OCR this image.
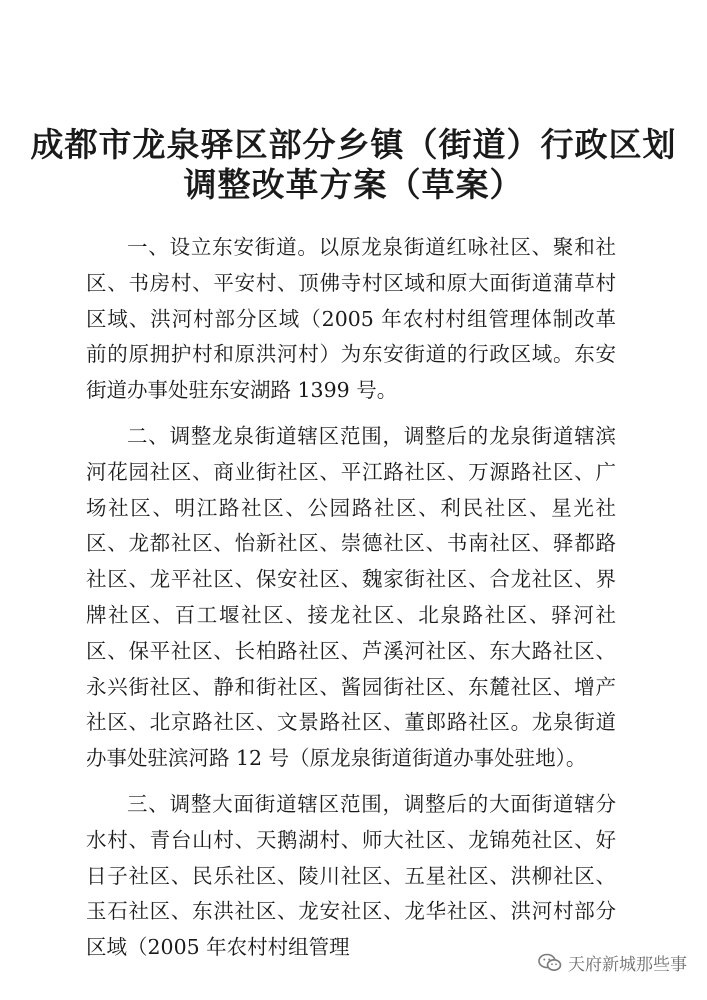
成都市龙泉驿区部分乡镇（街道）行政区划
调整改革方案（草案）

一、设立东安街道。以原龙泉街道红咏社区、聚和社区、书房村、平安村、顶佛寺村区域和原大面街道蒲草村区域、洪河村部分区域（2005 年农村村组管理体制改革前的原拥护村和原洪河村）为东安街道的行政区域。东安街道办事处驻东安湖路 1399 号。

二、调整龙泉街道辖区范围，调整后的龙泉街道辖滨河花园社区、商业街社区、平江路社区、万源路社区、广场社区、明江路社区、公园路社区、利民社区、星光社区、龙都社区、怡新社区、崇德社区、书南社区、驿都路社区、龙平社区、保安社区、魏家街社区、合龙社区、界牌社区、百工堰社区、接龙社区、北泉路社区、驿河社区、保平社区、长柏路社区、芦溪河社区、东大路社区、永兴街社区、静和街社区、酱园街社区、东麓社区、增产社区、北京路社区、文景路社区、董郎路社区。龙泉街道办事处驻滨河路 12 号（原龙泉街道街道办事处驻地）。

三、调整大面街道辖区范围，调整后的大面街道辖分水村、青台山村、天鹅湖村、师大社区、龙锦苑社区、好日子社区、民乐社区、陵川社区、五星社区、洪柳社区、玉石社区、东洪社区、龙安社区、龙华社区、洪河村部分区域（2005 年农村村组管理

天府新城那些事
